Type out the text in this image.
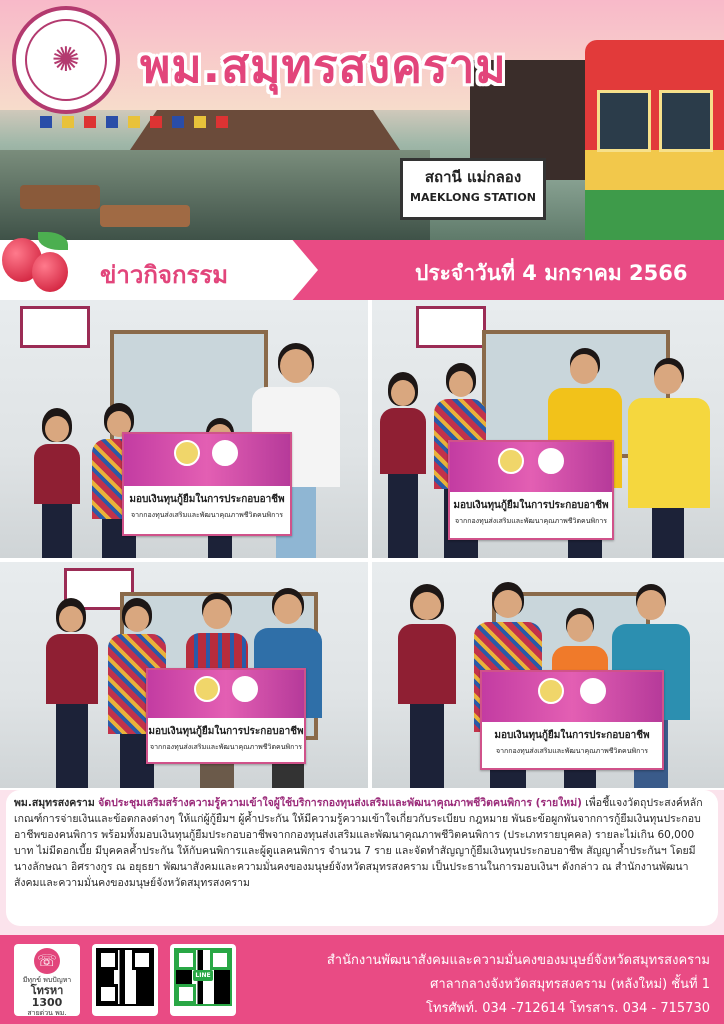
สถานี แม่กลอง
MAEKLONG STATION
✺	พม.สมุทรสงคราม
ข่าวกิจกรรม	ประจำวันที่ 4 มกราคม 2566
มอบเงินทุนกู้ยืมในการประกอบอาชีพ
จากกองทุนส่งเสริมและพัฒนาคุณภาพชีวิตคนพิการ
มอบเงินทุนกู้ยืมในการประกอบอาชีพ
จากกองทุนส่งเสริมและพัฒนาคุณภาพชีวิตคนพิการ
มอบเงินทุนกู้ยืมในการประกอบอาชีพ
จากกองทุนส่งเสริมและพัฒนาคุณภาพชีวิตคนพิการ
มอบเงินทุนกู้ยืมในการประกอบอาชีพ
จากกองทุนส่งเสริมและพัฒนาคุณภาพชีวิตคนพิการ
พม.สมุทรสงคราม จัดประชุมเสริมสร้างความรู้ความเข้าใจผู้ใช้บริการกองทุนส่งเสริมและพัฒนาคุณภาพชีวิตคนพิการ (รายใหม่) เพื่อชี้แจงวัตถุประสงค์หลักเกณฑ์การจ่ายเงินและข้อตกลงต่างๆ ให้แก่ผู้กู้ยืมฯ ผู้ค้ำประกัน ให้มีความรู้ความเข้าใจเกี่ยวกับระเบียบ กฎหมาย พันธะข้อผูกพันจากการกู้ยืมเงินทุนประกอบอาชีพของคนพิการ พร้อมทั้งมอบเงินทุนกู้ยืมประกอบอาชีพจากกองทุนส่งเสริมและพัฒนาคุณภาพชีวิตคนพิการ (ประเภทรายบุคคล) รายละไม่เกิน 60,000 บาท ไม่มีดอกเบี้ย มีบุคคลค้ำประกัน ให้กับคนพิการและผู้ดูแลคนพิการ จำนวน 7 ราย และจัดทำสัญญากู้ยืมเงินทุนประกอบอาชีพ สัญญาค้ำประกันฯ โดยมีนางลักษณา อิศรางกูร ณ อยุธยา พัฒนาสังคมและความมั่นคงของมนุษย์จังหวัดสมุทรสงคราม เป็นประธานในการมอบเงินฯ ดังกล่าว ณ สำนักงานพัฒนาสังคมและความมั่นคงของมนุษย์จังหวัดสมุทรสงคราม
☏
มีทุกข์ พบปัญหา
โทรหา 1300
สายด่วน พม.
LINE
สำนักงานพัฒนาสังคมและความมั่นคงของมนุษย์จังหวัดสมุทรสงคราม
ศาลากลางจังหวัดสมุทรสงคราม (หลังใหม่) ชั้นที่ 1
โทรศัพท์. 034 -712614 โทรสาร. 034 - 715730
